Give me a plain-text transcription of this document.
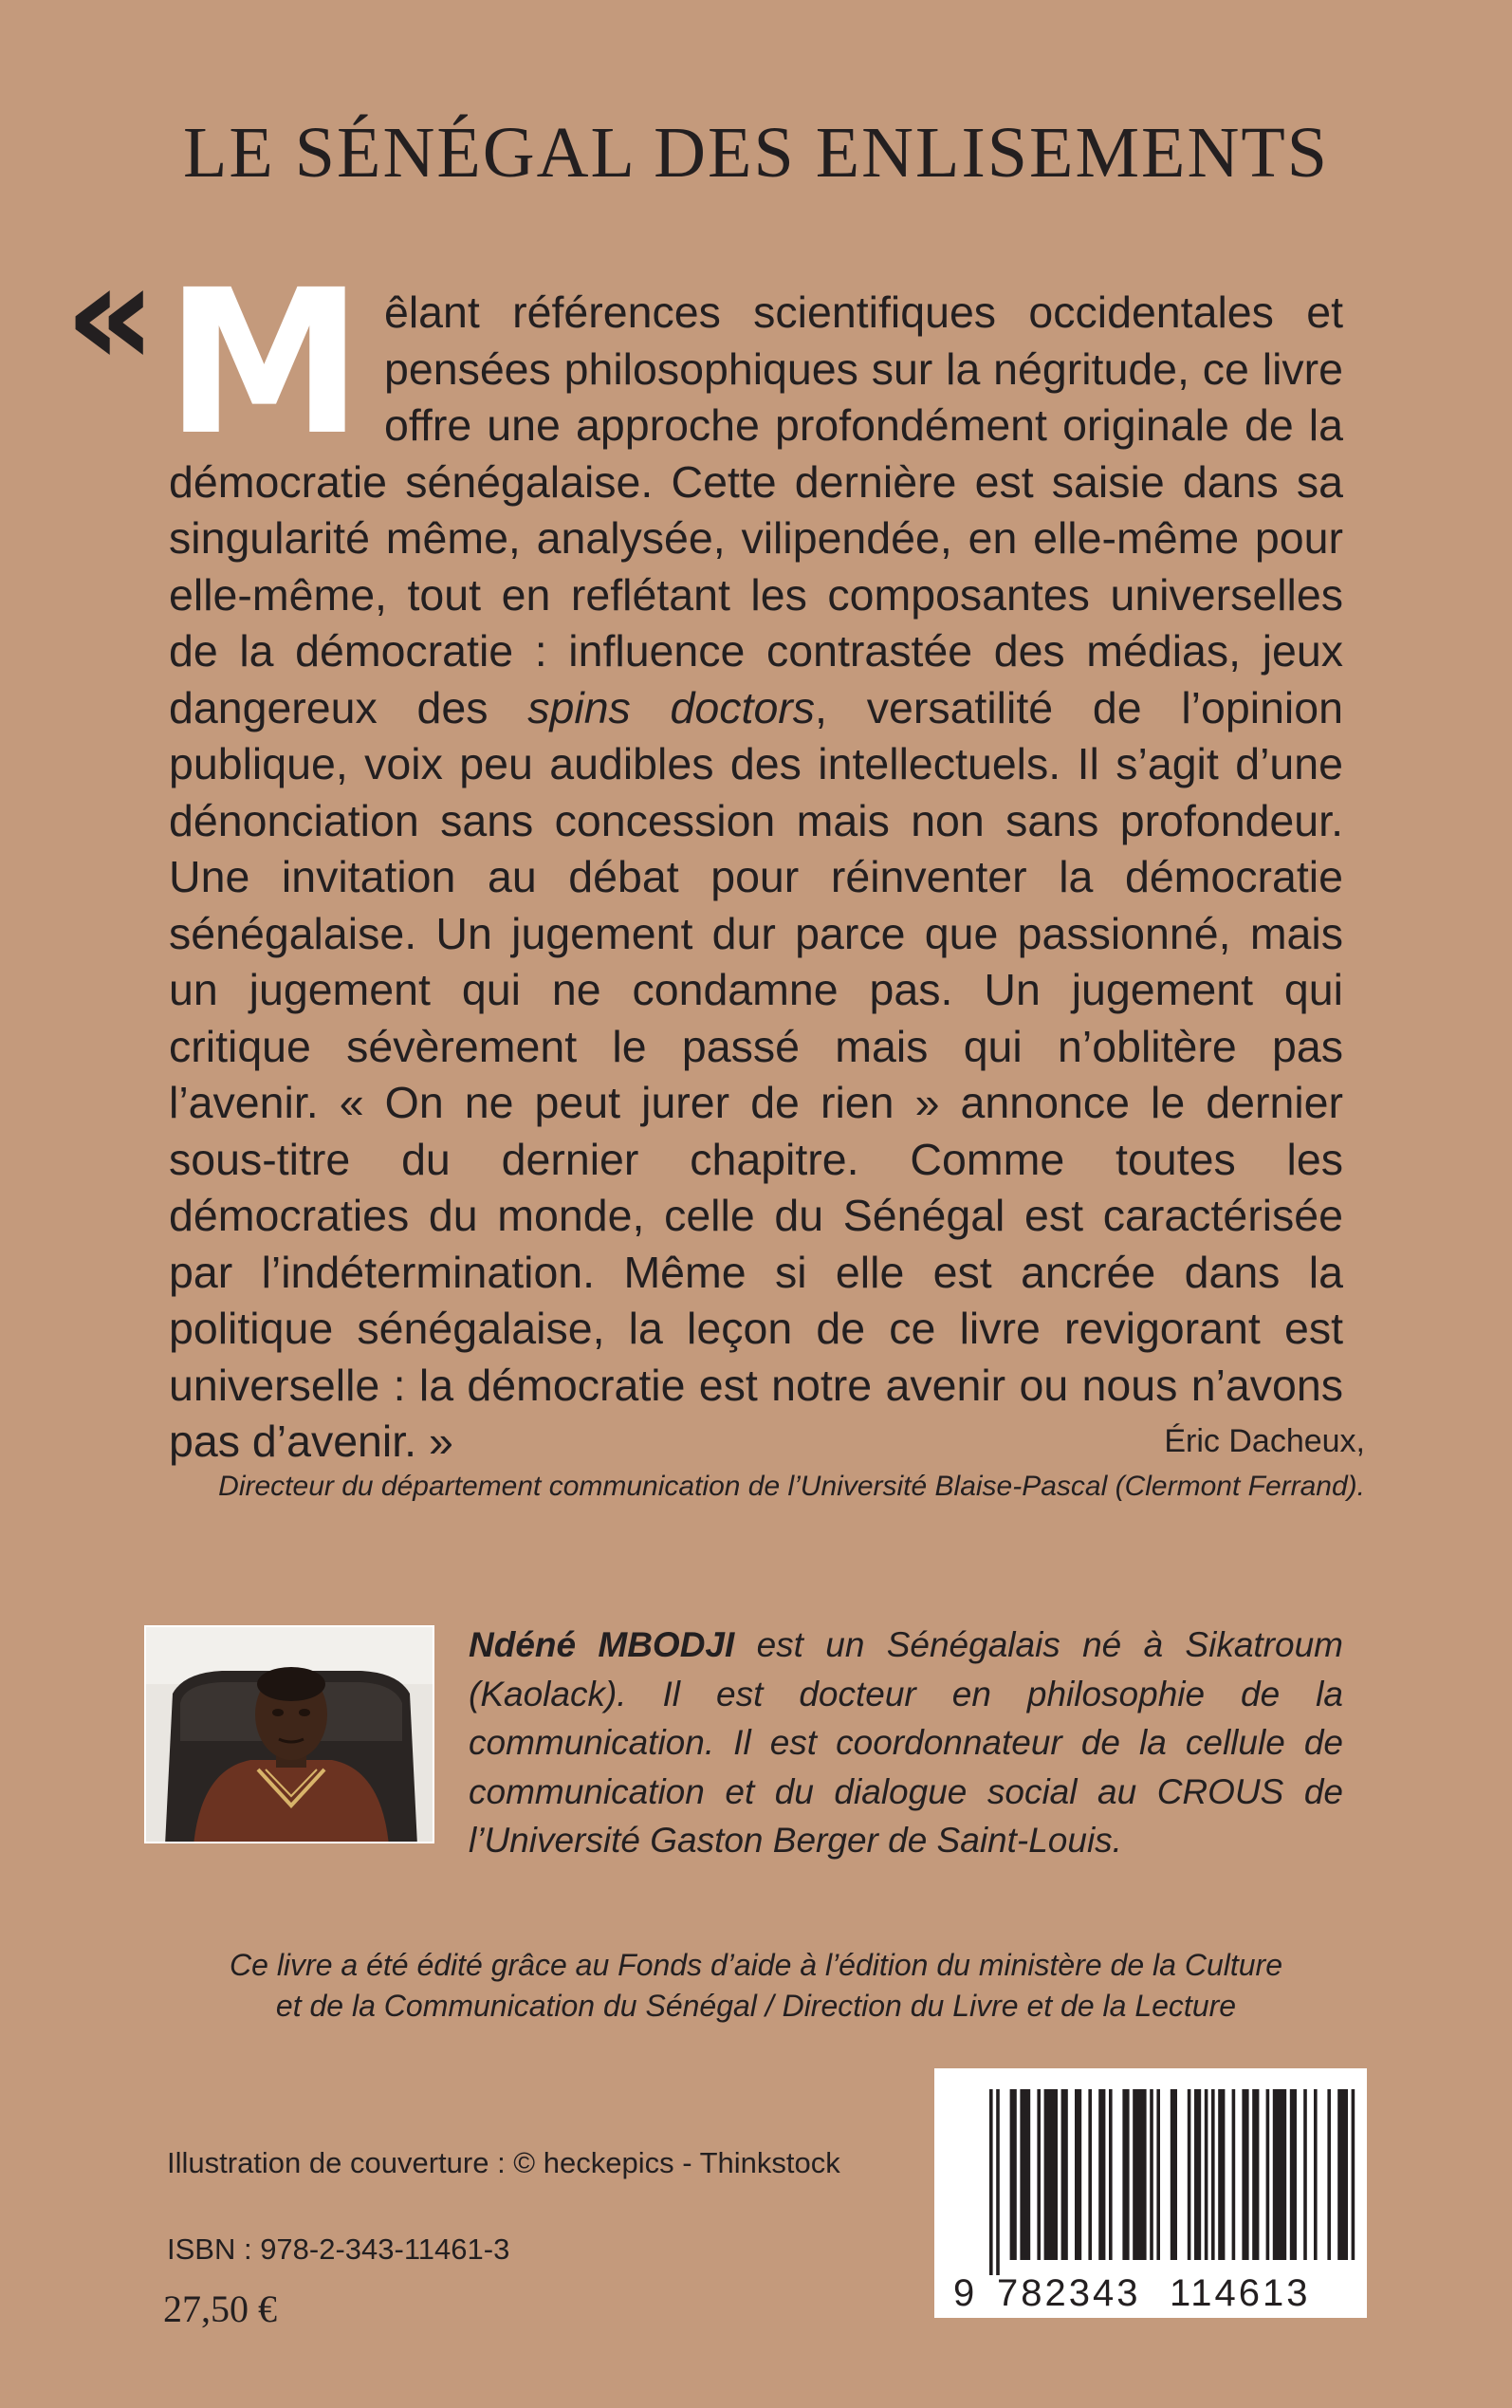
LE SÉNÉGAL DES ENLISEMENTS
« Mêlant références scientifiques occidentales et pensées philosophiques sur la négritude, ce livre offre une approche profondément originale de la démocratie sénégalaise. Cette dernière est saisie dans sa singularité même, analysée, vilipendée, en elle-même pour elle-même, tout en reflétant les composantes universelles de la démocratie : influence contrastée des médias, jeux dangereux des spins doctors, versatilité de l’opinion publique, voix peu audibles des intellectuels. Il s’agit d’une dénonciation sans concession mais non sans profondeur. Une invitation au débat pour réinventer la démocratie sénégalaise. Un jugement dur parce que passionné, mais un jugement qui ne condamne pas. Un jugement qui critique sévèrement le passé mais qui n’oblitère pas l’avenir. « On ne peut jurer de rien » annonce le dernier sous-titre du dernier chapitre. Comme toutes les démocraties du monde, celle du Sénégal est caractérisée par l’indétermination. Même si elle est ancrée dans la politique sénégalaise, la leçon de ce livre revigorant est universelle : la démocratie est notre avenir ou nous n’avons pas d’avenir. »	Éric Dacheux,
Directeur du département communication de l’Université Blaise-Pascal (Clermont Ferrand).
Ndéné MBODJI est un Sénégalais né à Sikatroum (Kaolack). Il est docteur en philosophie de la communication. Il est coordonnateur de la cellule de communication et du dialogue social au CROUS de l’Université Gaston Berger de Saint-Louis.
Ce livre a été édité grâce au Fonds d’aide à l’édition du ministère de la Culture
et de la Communication du Sénégal / Direction du Livre et de la Lecture
Illustration de couverture : © heckepics - Thinkstock
ISBN : 978-2-343-11461-3
27,50 €	9 782343 114613
